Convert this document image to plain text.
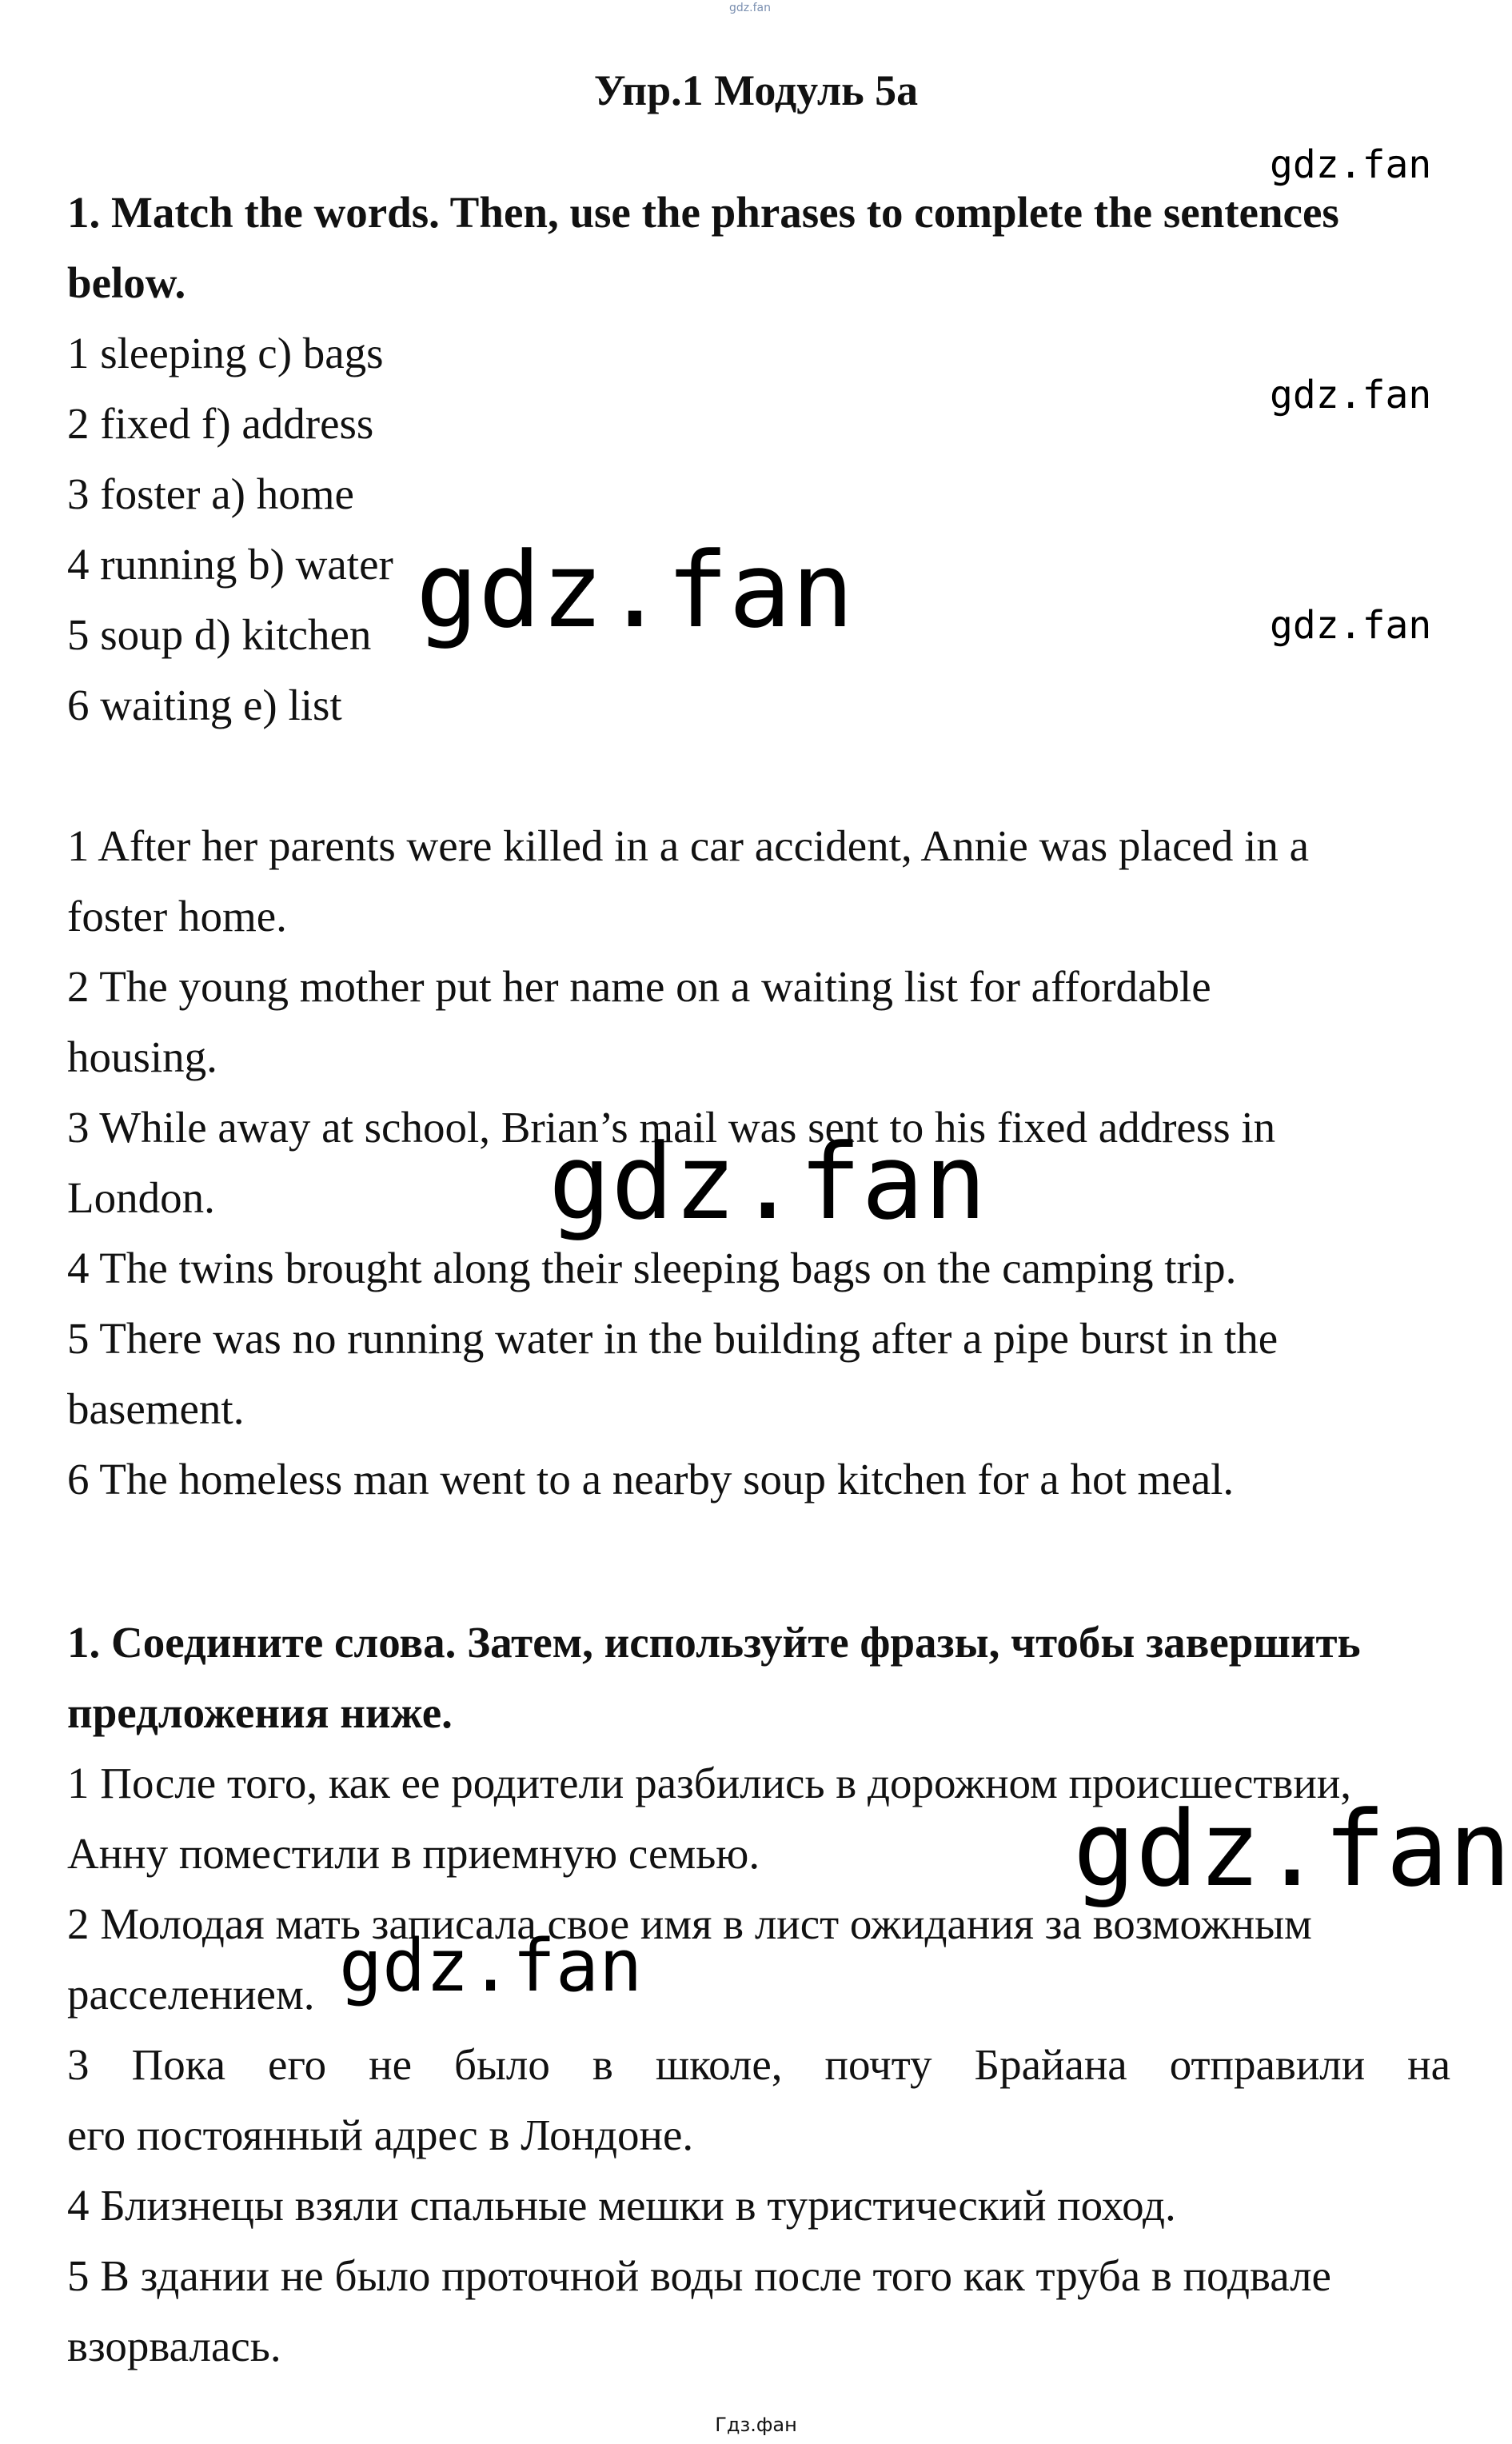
gdz.fan
Упр.1 Модуль 5а
1. Match the words. Then, use the phrases to complete the sentences
below.
1 sleeping c) bags
2 fixed f) address
3 foster a) home
4 running b) water
5 soup d) kitchen
6 waiting e) list
1 After her parents were killed in a car accident, Annie was placed in a
foster home.
2 The young mother put her name on a waiting list for affordable
housing.
3 While away at school, Brian’s mail was sent to his fixed address in
London.
4 The twins brought along their sleeping bags on the camping trip.
5 There was no running water in the building after a pipe burst in the
basement.
6 The homeless man went to a nearby soup kitchen for a hot meal.
1. Соедините слова. Затем, используйте фразы, чтобы завершить
предложения ниже.
1 После того, как ее родители разбились в дорожном происшествии,
Анну поместили в приемную семью.
2 Молодая мать записала свое имя в лист ожидания за возможным
расселением.
3 Пока его не было в школе, почту Брайана отправили на
его постоянный адрес в Лондоне.
4 Близнецы взяли спальные мешки в туристический поход.
5 В здании не было проточной воды после того как труба в подвале
взорвалась.
gdz.fan
gdz.fan
gdz.fan
gdz.fan
gdz.fan
gdz.fan
gdz.fan
Гдз.фан
